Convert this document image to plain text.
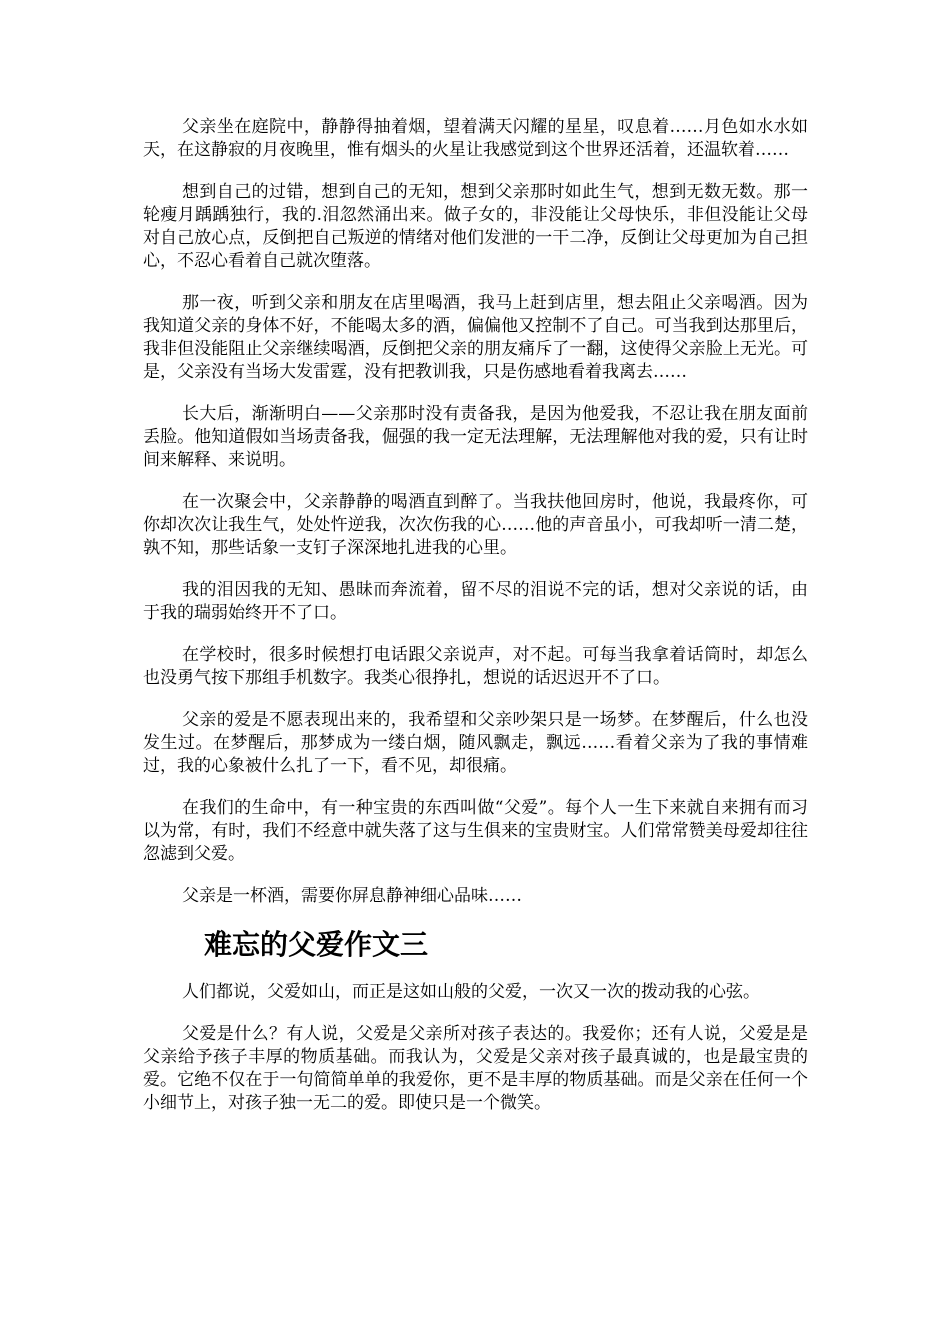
父亲坐在庭院中，静静得抽着烟，望着满天闪耀的星星，叹息着……月色如水水如天，在这静寂的月夜晚里，惟有烟头的火星让我感觉到这个世界还活着，还温软着……

想到自己的过错，想到自己的无知，想到父亲那时如此生气，想到无数无数。那一轮瘦月踽踽独行，我的.泪忽然涌出来。做子女的，非没能让父母快乐，非但没能让父母对自己放心点，反倒把自己叛逆的情绪对他们发泄的一干二净，反倒让父母更加为自己担心，不忍心看着自己就次堕落。

那一夜，听到父亲和朋友在店里喝酒，我马上赶到店里，想去阻止父亲喝酒。因为我知道父亲的身体不好，不能喝太多的酒，偏偏他又控制不了自己。可当我到达那里后，我非但没能阻止父亲继续喝酒，反倒把父亲的朋友痛斥了一翻，这使得父亲脸上无光。可是，父亲没有当场大发雷霆，没有把教训我，只是伤感地看着我离去……

长大后，渐渐明白——父亲那时没有责备我，是因为他爱我，不忍让我在朋友面前丢脸。他知道假如当场责备我，倔强的我一定无法理解，无法理解他对我的爱，只有让时间来解释、来说明。

在一次聚会中，父亲静静的喝酒直到醉了。当我扶他回房时，他说，我最疼你，可你却次次让我生气，处处忤逆我，次次伤我的心……他的声音虽小，可我却听一清二楚，孰不知，那些话象一支钉子深深地扎进我的心里。

我的泪因我的无知、愚昧而奔流着，留不尽的泪说不完的话，想对父亲说的话，由于我的瑞弱始终开不了口。

在学校时，很多时候想打电话跟父亲说声，对不起。可每当我拿着话筒时，却怎么也没勇气按下那组手机数字。我类心很挣扎，想说的话迟迟开不了口。

父亲的爱是不愿表现出来的，我希望和父亲吵架只是一场梦。在梦醒后，什么也没发生过。在梦醒后，那梦成为一缕白烟，随风飘走，飘远……看着父亲为了我的事情难过，我的心象被什么扎了一下，看不见，却很痛。

在我们的生命中，有一种宝贵的东西叫做“父爱”。每个人一生下来就自来拥有而习以为常，有时，我们不经意中就失落了这与生俱来的宝贵财宝。人们常常赞美母爱却往往忽滤到父爱。

父亲是一杯酒，需要你屏息静神细心品味……

难忘的父爱作文三

人们都说，父爱如山，而正是这如山般的父爱，一次又一次的拨动我的心弦。

父爱是什么？有人说，父爱是父亲所对孩子表达的。我爱你；还有人说，父爱是是父亲给予孩子丰厚的物质基础。而我认为，父爱是父亲对孩子最真诚的，也是最宝贵的爱。它绝不仅在于一句简简单单的我爱你，更不是丰厚的物质基础。而是父亲在任何一个小细节上，对孩子独一无二的爱。即使只是一个微笑。
